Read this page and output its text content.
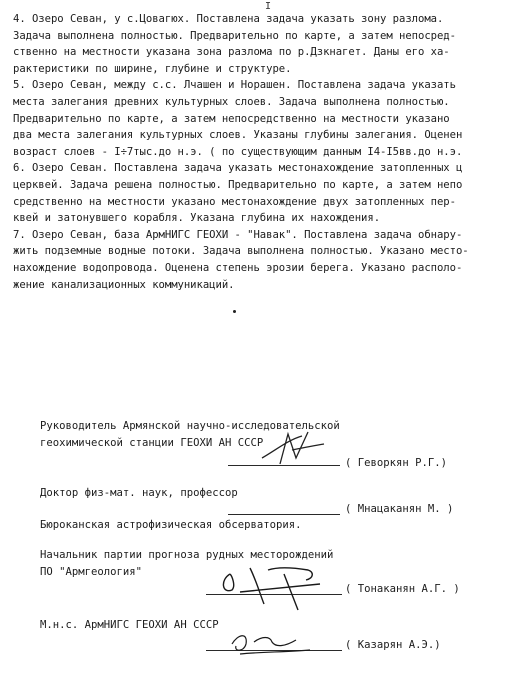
I

4. Озеро Севан, у с.Цовагюх. Поставлена задача указать зону разлома.

Задача выполнена полностью. Предварительно по карте, а затем непосред-

ственно на местности указана зона разлома по р.Дзкнагет. Даны его ха-

рактеристики по ширине, глубине и структуре.

5. Озеро Севан, между с.с. Лчашен и Норашен. Поставлена задача указать

места залегания древних культурных слоев. Задача выполнена полностью.

Предварительно по карте, а затем непосредственно на местности указано

два места залегания культурных слоев. Указаны глубины залегания. Оценен

возраст слоев - I÷7тыс.до н.э. ( по существующим данным I4-I5вв.до н.э.

6. Озеро Севан. Поставлена задача указать местонахождение затопленных ц

церквей. Задача решена полностью. Предварительно по карте, а затем непо

средственно на местности указано местонахождение двух затопленных пер-

квей и затонувшего корабля. Указана глубина их нахождения.

7. Озеро Севан, база АрмНИГС ГЕОХИ - "Навак". Поставлена задача обнару-

жить подземные водные потоки. Задача выполнена полностью. Указано место-

нахождение водопровода. Оценена степень эрозии берега. Указано располо-

жение канализационных коммуникаций.

Руководитель Армянской научно-исследовательской
геохимической станции ГЕОХИ АН СССР
( Геворкян Р.Г.)
Доктор физ-мат. наук, профессор
( Мнацаканян М. )
Бюроканская астрофизическая обсерватория.
Начальник партии прогноза рудных месторождений
ПО "Армгеология"
( Тонаканян А.Г. )
М.н.с. АрмНИГС ГЕОХИ АН СССР
( Казарян А.Э.)
